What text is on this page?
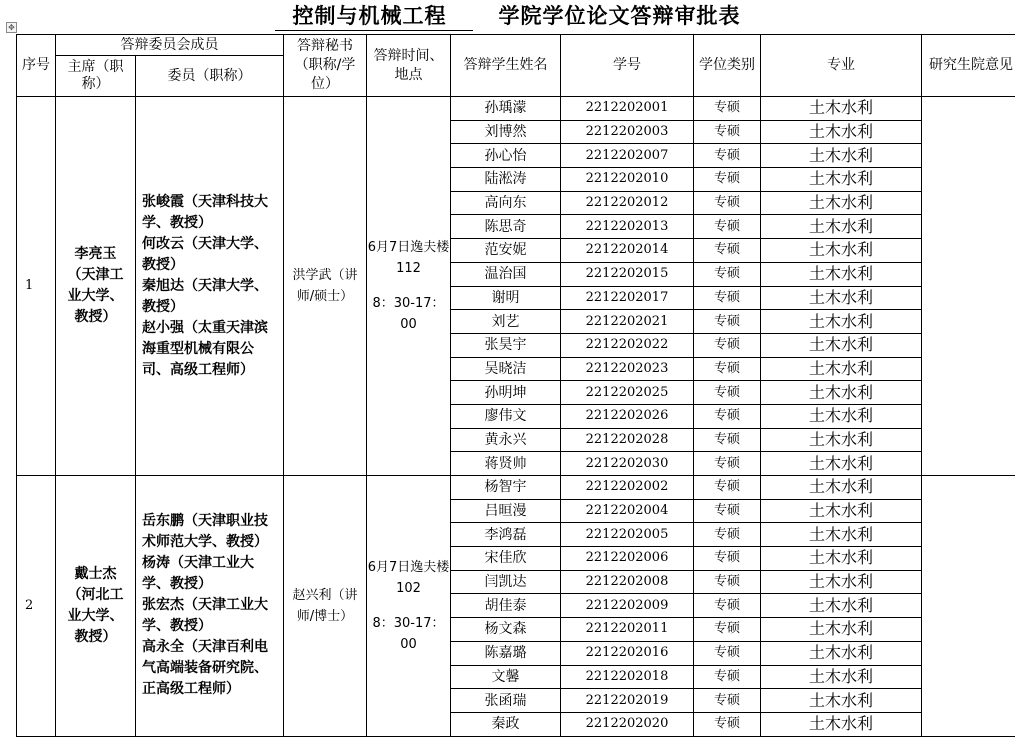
控制与机械工程 学院学位论文答辩审批表
✥
序号	答辩委员会成员		答辩秘书（职称/学位）	答辩时间、地点	答辩学生姓名	学号	学位类别	专业	研究生院意见
	主席（职称）	委员（职称）							
1	李亮玉（天津工业大学、教授）	张峻霞（天津科技大学、教授）
何改云（天津大学、教授）
秦旭达（天津大学、教授）
赵小强（太重天津滨海重型机械有限公司、高级工程师）	洪学武（讲师/硕士）	6月7日逸夫楼112
8：30-17：00	孙瑀濛	2212202001	专硕	土木水利	
					刘博然	2212202003	专硕	土木水利	
					孙心怡	2212202007	专硕	土木水利	
					陆淞涛	2212202010	专硕	土木水利	
					高向东	2212202012	专硕	土木水利	
					陈思奇	2212202013	专硕	土木水利	
					范安妮	2212202014	专硕	土木水利	
					温治国	2212202015	专硕	土木水利	
					谢明	2212202017	专硕	土木水利	
					刘艺	2212202021	专硕	土木水利	
					张昊宇	2212202022	专硕	土木水利	
					吴晓洁	2212202023	专硕	土木水利	
					孙明坤	2212202025	专硕	土木水利	
					廖伟文	2212202026	专硕	土木水利	
					黄永兴	2212202028	专硕	土木水利	
					蒋贤帅	2212202030	专硕	土木水利	
2	戴士杰（河北工业大学、教授）	岳东鹏（天津职业技术师范大学、教授）
杨涛（天津工业大学、教授）
张宏杰（天津工业大学、教授）
高永全（天津百利电气高端装备研究院、正高级工程师）	赵兴利（讲师/博士）	6月7日逸夫楼102
8：30-17：00	杨智宇	2212202002	专硕	土木水利	
					吕晅漫	2212202004	专硕	土木水利	
					李鸿磊	2212202005	专硕	土木水利	
					宋佳欣	2212202006	专硕	土木水利	
					闫凯达	2212202008	专硕	土木水利	
					胡佳泰	2212202009	专硕	土木水利	
					杨文森	2212202011	专硕	土木水利	
					陈嘉璐	2212202016	专硕	土木水利	
					文馨	2212202018	专硕	土木水利	
					张函瑞	2212202019	专硕	土木水利	
					秦政	2212202020	专硕	土木水利	
